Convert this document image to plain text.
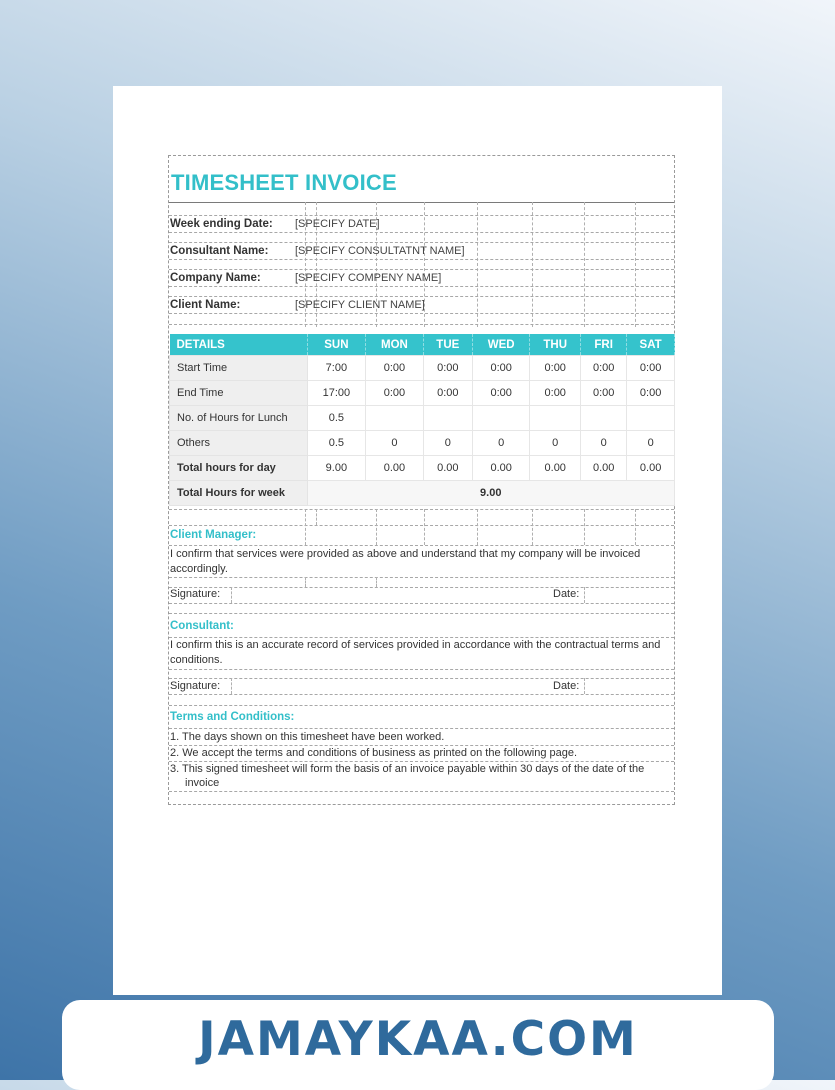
TIMESHEET INVOICE
Week ending Date: [SPECIFY DATE]
Consultant Name: [SPECIFY CONSULTATNT NAME]
Company Name:	[SPECIFY COMPENY NAME]
Client Name:	[SPECIFY CLIENT NAME]
DETAILS	SUN	MON	TUE	WED	THU	FRI	SAT
Start Time	7:00	0:00	0:00	0:00	0:00	0:00	0:00
End Time	17:00	0:00	0:00	0:00	0:00	0:00	0:00
No. of Hours for Lunch	0.5						
Others	0.5	0	0	0	0	0	0
Total hours for day	9.00	0.00	0.00	0.00	0.00	0.00	0.00
Total Hours for week	9.00						
Client Manager:
I confirm that services were provided as above and understand that my company will be invoiced accordingly.
Signature:	Date:
Consultant:
I confirm this is an accurate record of services provided in accordance with the contractual terms and conditions.
Signature:	Date:
Terms and Conditions:
1. The days shown on this timesheet have been worked.
2. We accept the terms and conditions of business as printed on the following page.
3. This signed timesheet will form the basis of an invoice payable within 30 days of the date of the
invoice
JAMAYKAA.COM
